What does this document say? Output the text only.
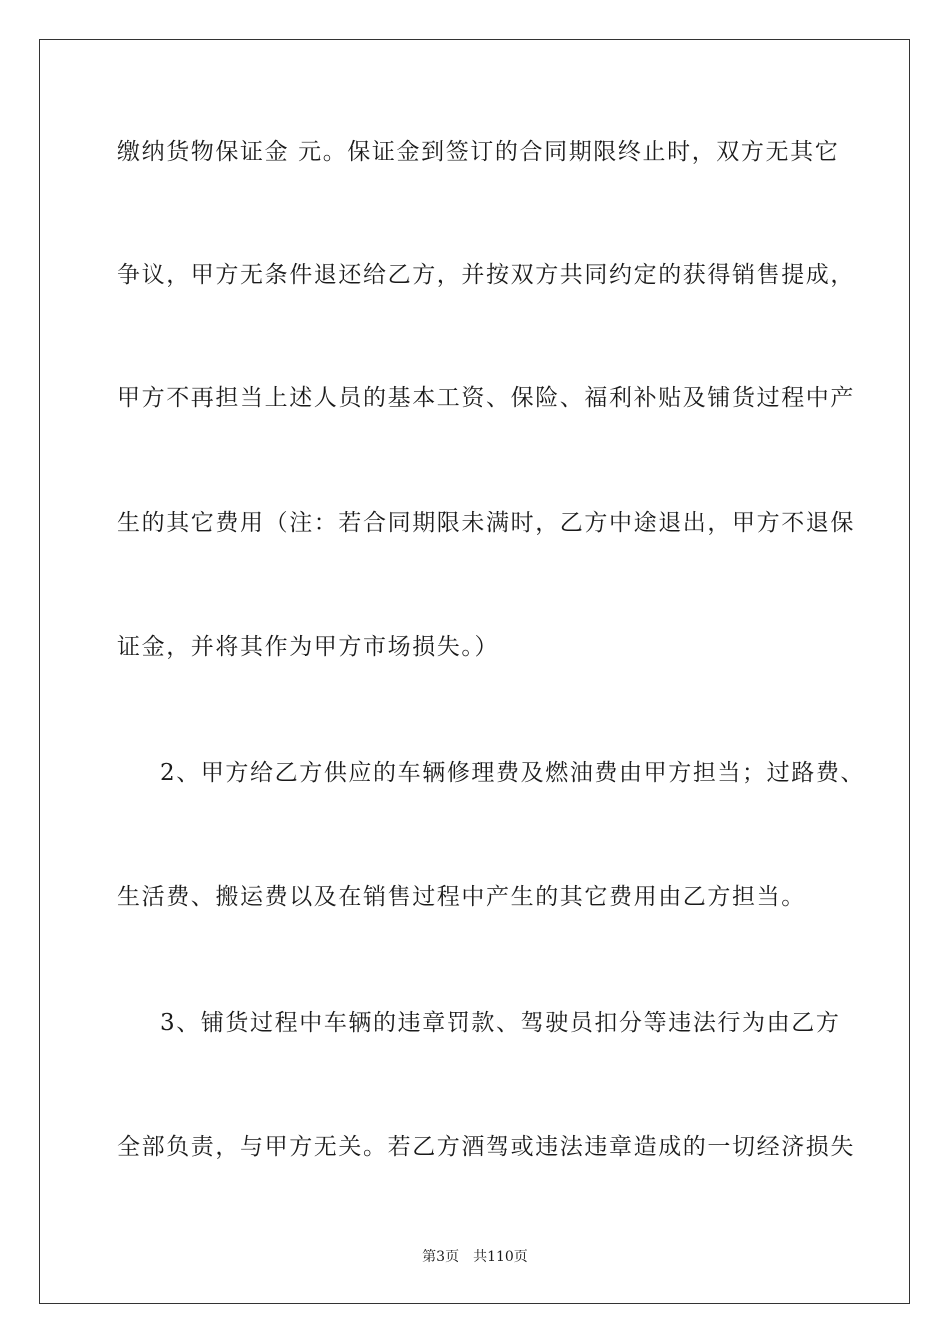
缴纳货物保证金 元。保证金到签订的合同期限终止时，双方无其它
争议，甲方无条件退还给乙方，并按双方共同约定的获得销售提成，
甲方不再担当上述人员的基本工资、保险、福利补贴及铺货过程中产
生的其它费用（注：若合同期限未满时，乙方中途退出，甲方不退保
证金，并将其作为甲方市场损失。）
2、甲方给乙方供应的车辆修理费及燃油费由甲方担当；过路费、
生活费、搬运费以及在销售过程中产生的其它费用由乙方担当。
3、铺货过程中车辆的违章罚款、驾驶员扣分等违法行为由乙方
全部负责，与甲方无关。若乙方酒驾或违法违章造成的一切经济损失
第3页　共110页
